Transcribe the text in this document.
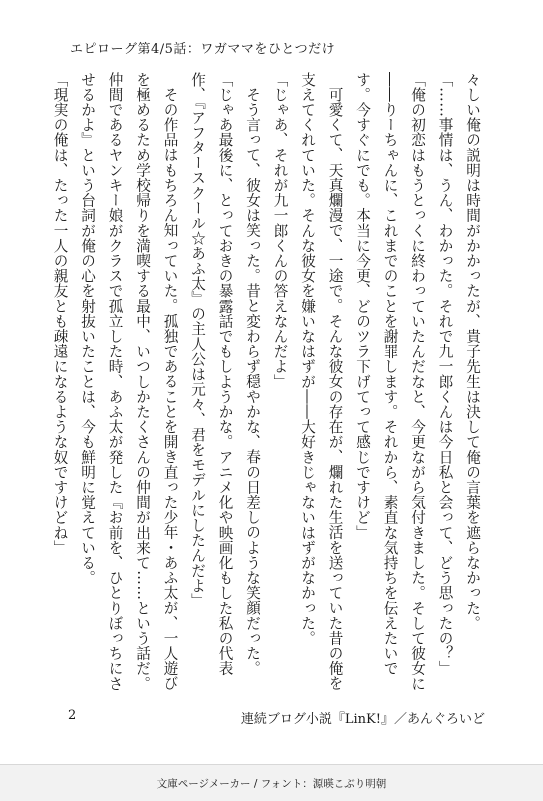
エピローグ第4/5話：ワガママをひとつだけ

々しい俺の説明は時間がかかったが、貴子先生は決して俺の言葉を遮らなかった。

「……事情は、うん、わかった。それで九一郎くんは今日私と会って、どう思ったの？」

「俺の初恋はもうとっくに終わっていたんだなと、今更ながら気付きました。そして彼女に――りーちゃんに、これまでのことを謝罪します。それから、素直な気持ちを伝えたいです。今すぐにでも。本当に今更、どのツラ下げてって感じですけど」

可愛くて、天真爛漫で、一途で。そんな彼女の存在が、爛れた生活を送っていた昔の俺を支えてくれていた。そんな彼女を嫌いなはずが――大好きじゃないはずがなかった。

「じゃあ、それが九一郎くんの答えなんだよ」

そう言って、彼女は笑った。昔と変わらず穏やかな、春の日差しのような笑顔だった。

「じゃあ最後に、とっておきの暴露話でもしようかな。アニメ化や映画化もした私の代表作、『アフタースクール☆あふ太』の主人公は元々、君をモデルにしたんだよ」

その作品はもちろん知っていた。孤独であることを開き直った少年・あふ太が、一人遊びを極めるため学校帰りを満喫する最中、いつしかたくさんの仲間が出来て……という話だ。仲間であるヤンキー娘がクラスで孤立した時、あふ太が発した『お前を、ひとりぼっちにさせるかよ』という台詞が俺の心を射抜いたことは、今も鮮明に覚えている。

「現実の俺は、たった一人の親友とも疎遠になるような奴ですけどね」

2	連続ブログ小説『LinK!』／あんぐろいど
文庫ページメーカー / フォント：源暎こぶり明朝
